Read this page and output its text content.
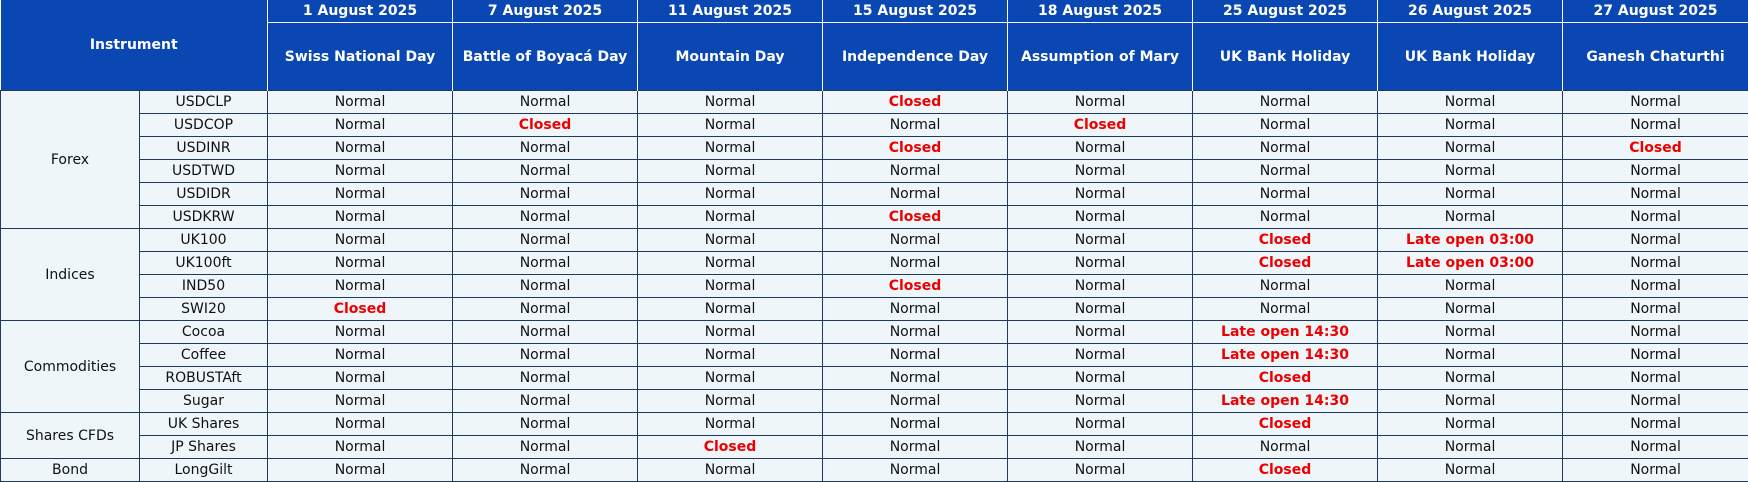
Instrument		1 August 2025	7 August 2025	11 August 2025	15 August 2025	18 August 2025	25 August 2025	26 August 2025	27 August 2025
		Swiss National Day	Battle of Boyacá Day	Mountain Day	Independence Day	Assumption of Mary	UK Bank Holiday	UK Bank Holiday	Ganesh Chaturthi
Forex	USDCLP	Normal	Normal	Normal	Closed	Normal	Normal	Normal	Normal
	USDCOP	Normal	Closed	Normal	Normal	Closed	Normal	Normal	Normal
	USDINR	Normal	Normal	Normal	Closed	Normal	Normal	Normal	Closed
	USDTWD	Normal	Normal	Normal	Normal	Normal	Normal	Normal	Normal
	USDIDR	Normal	Normal	Normal	Normal	Normal	Normal	Normal	Normal
	USDKRW	Normal	Normal	Normal	Closed	Normal	Normal	Normal	Normal
Indices	UK100	Normal	Normal	Normal	Normal	Normal	Closed	Late open 03:00	Normal
	UK100ft	Normal	Normal	Normal	Normal	Normal	Closed	Late open 03:00	Normal
	IND50	Normal	Normal	Normal	Closed	Normal	Normal	Normal	Normal
	SWI20	Closed	Normal	Normal	Normal	Normal	Normal	Normal	Normal
Commodities	Cocoa	Normal	Normal	Normal	Normal	Normal	Late open 14:30	Normal	Normal
	Coffee	Normal	Normal	Normal	Normal	Normal	Late open 14:30	Normal	Normal
	ROBUSTAft	Normal	Normal	Normal	Normal	Normal	Closed	Normal	Normal
	Sugar	Normal	Normal	Normal	Normal	Normal	Late open 14:30	Normal	Normal
Shares CFDs	UK Shares	Normal	Normal	Normal	Normal	Normal	Closed	Normal	Normal
	JP Shares	Normal	Normal	Closed	Normal	Normal	Normal	Normal	Normal
Bond	LongGilt	Normal	Normal	Normal	Normal	Normal	Closed	Normal	Normal
